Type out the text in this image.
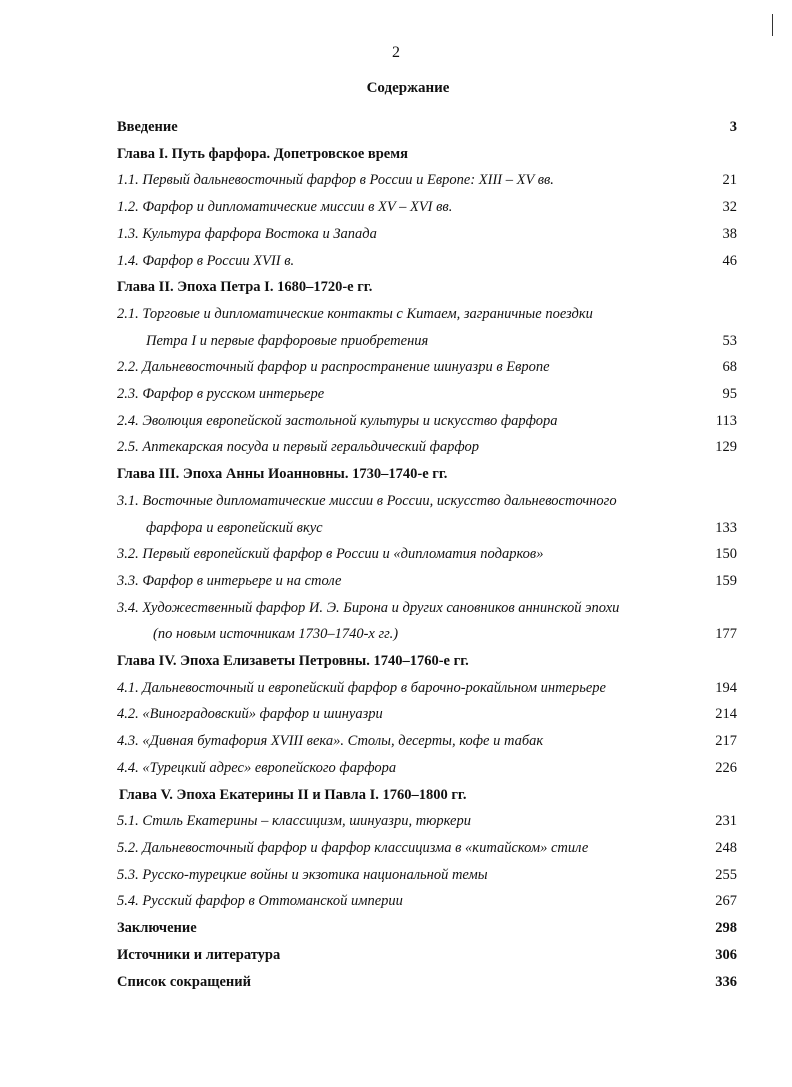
2
Содержание
Введение	3
Глава I. Путь фарфора. Допетровское время
1.1. Первый дальневосточный фарфор в России и Европе: XIII – XV вв.	21
1.2. Фарфор и дипломатические миссии в XV – XVI вв.	32
1.3. Культура фарфора Востока и Запада	38
1.4. Фарфор в России XVII в.	46
Глава II. Эпоха Петра I. 1680–1720-е гг.
2.1. Торговые и дипломатические контакты с Китаем, заграничные поездки
Петра I и первые фарфоровые приобретения	53
2.2. Дальневосточный фарфор и распространение шинуазри в Европе	68
2.3. Фарфор в русском интерьере	95
2.4. Эволюция европейской застольной культуры и искусство фарфора	113
2.5. Аптекарская посуда и первый геральдический фарфор	129
Глава III. Эпоха Анны Иоанновны. 1730–1740-е гг.
3.1. Восточные дипломатические миссии в России, искусство дальневосточного
фарфора и европейский вкус	133
3.2. Первый европейский фарфор в России и «дипломатия подарков»	150
3.3. Фарфор в интерьере и на столе	159
3.4. Художественный фарфор И. Э. Бирона и других сановников аннинской эпохи
(по новым источникам 1730–1740-х гг.)	177
Глава IV. Эпоха Елизаветы Петровны. 1740–1760-е гг.
4.1. Дальневосточный и европейский фарфор в барочно-рокайльном интерьере	194
4.2. «Виноградовский» фарфор и шинуазри	214
4.3. «Дивная бутафория XVIII века». Столы, десерты, кофе и табак	217
4.4. «Турецкий адрес» европейского фарфора	226
Глава V. Эпоха Екатерины II и Павла I. 1760–1800 гг.
5.1. Стиль Екатерины – классицизм, шинуазри, тюркери	231
5.2. Дальневосточный фарфор и фарфор классицизма в «китайском» стиле	248
5.3. Русско-турецкие войны и экзотика национальной темы	255
5.4. Русский фарфор в Оттоманской империи	267
Заключение	298
Источники и литература	306
Список сокращений	336
